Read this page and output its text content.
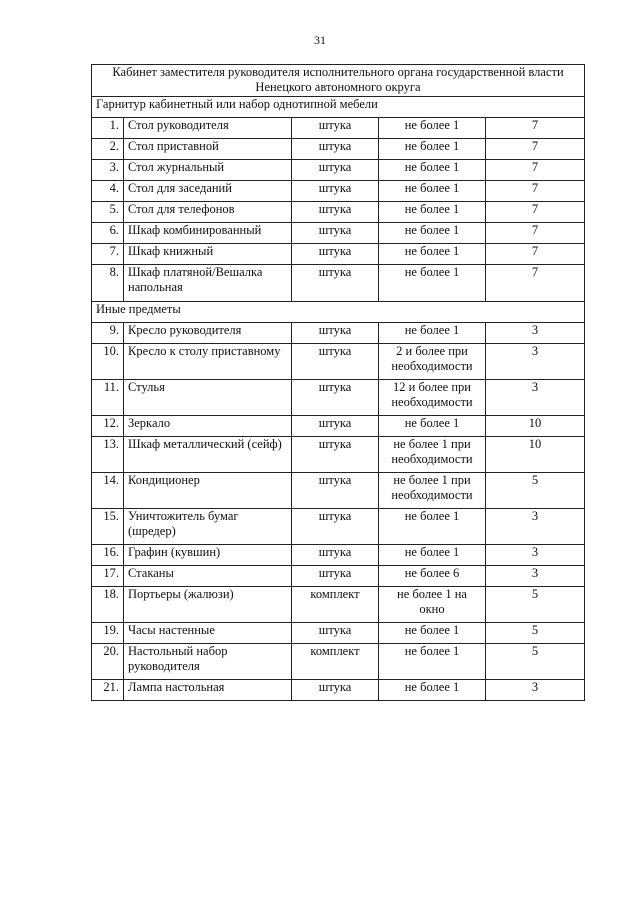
31
Кабинет заместителя руководителя исполнительного органа государственной власти Ненецкого автономного округа				
Гарнитур кабинетный или набор однотипной мебели				
1.	Стол руководителя	штука	не более 1	7
2.	Стол приставной	штука	не более 1	7
3.	Стол журнальный	штука	не более 1	7
4.	Стол для заседаний	штука	не более 1	7
5.	Стол для телефонов	штука	не более 1	7
6.	Шкаф комбинированный	штука	не более 1	7
7.	Шкаф книжный	штука	не более 1	7
8.	Шкаф платяной/Вешалка напольная	штука	не более 1	7
Иные предметы				
9.	Кресло руководителя	штука	не более 1	3
10.	Кресло к столу приставному	штука	2 и более при необходимости	3
11.	Стулья	штука	12 и более при необходимости	3
12.	Зеркало	штука	не более 1	10
13.	Шкаф металлический (сейф)	штука	не более 1 при необходимости	10
14.	Кондиционер	штука	не более 1 при необходимости	5
15.	Уничтожитель бумаг (шредер)	штука	не более 1	3
16.	Графин (кувшин)	штука	не более 1	3
17.	Стаканы	штука	не более 6	3
18.	Портьеры (жалюзи)	комплект	не более 1 на окно	5
19.	Часы настенные	штука	не более 1	5
20.	Настольный набор руководителя	комплект	не более 1	5
21.	Лампа настольная	штука	не более 1	3
